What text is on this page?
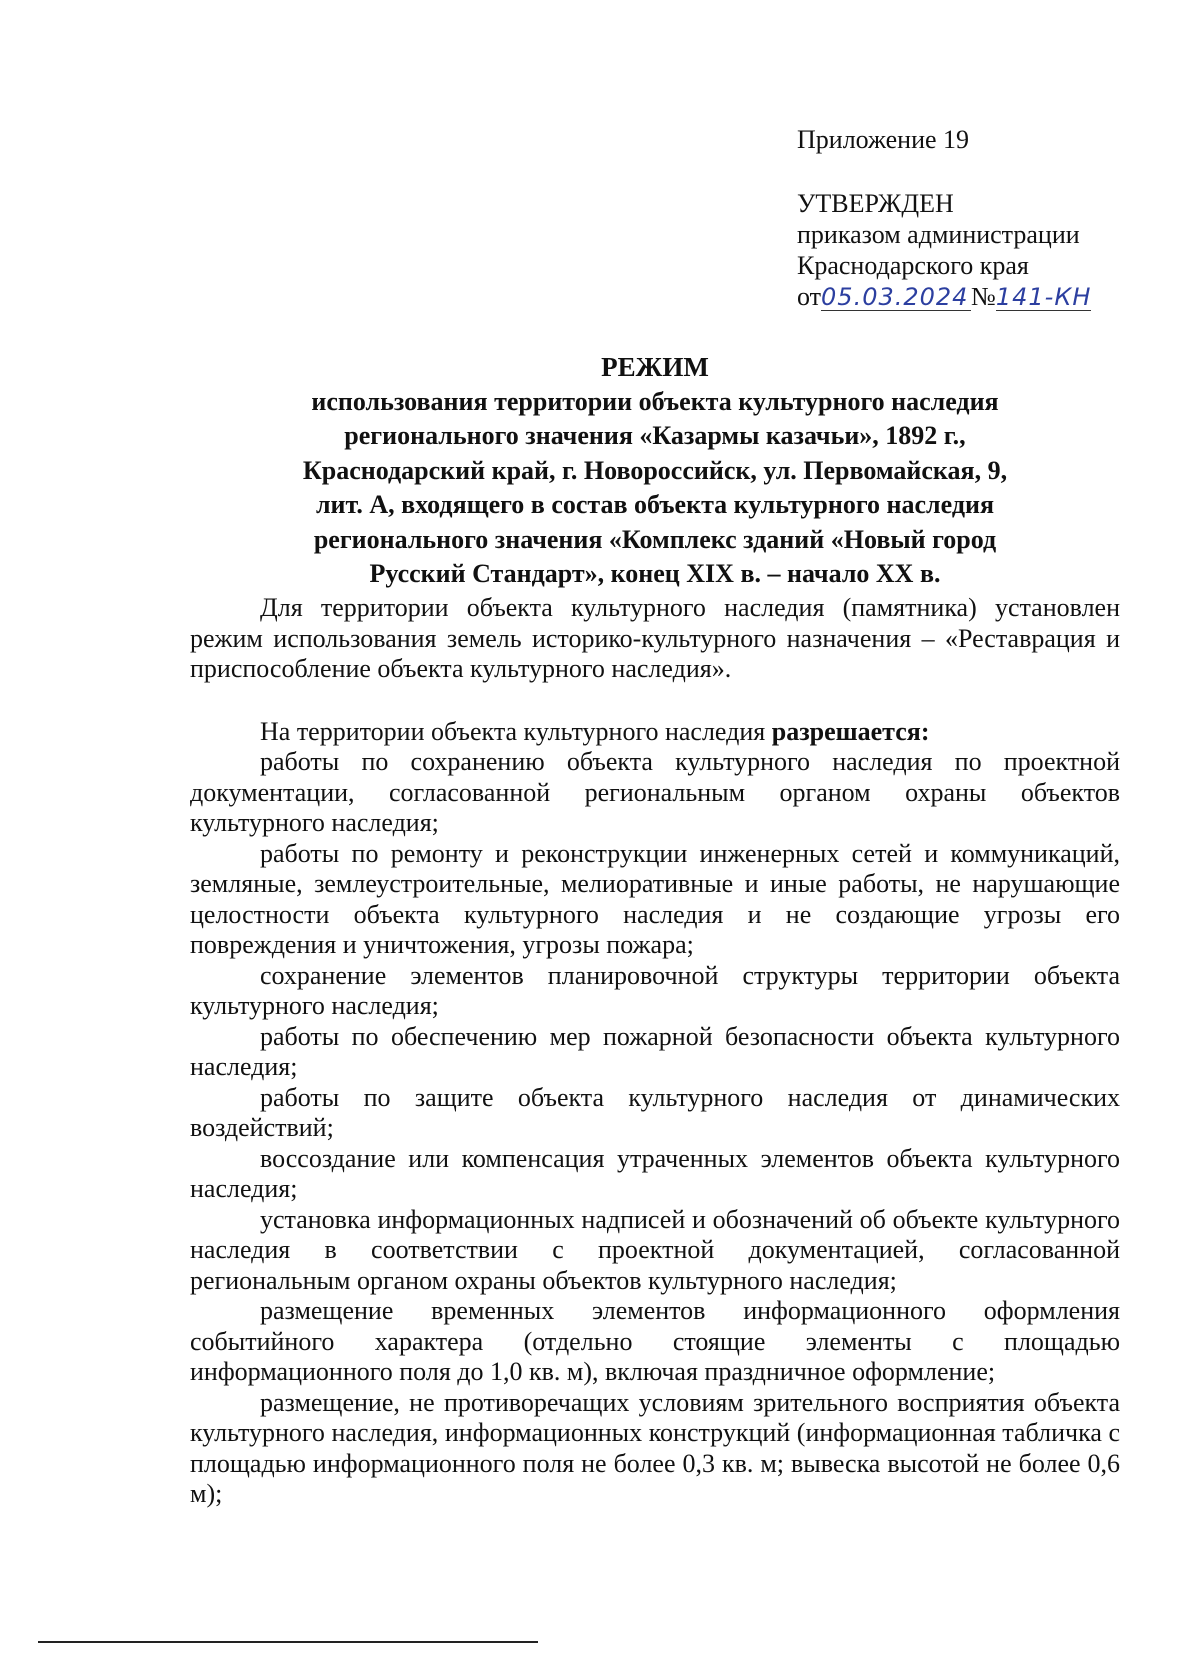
Приложение 19
УТВЕРЖДЕН
приказом администрации
Краснодарского края
от05.03.2024№141-КН
РЕЖИМ
использования территории объекта культурного наследия
регионального значения «Казармы казачьи», 1892 г.,
Краснодарский край, г. Новороссийск, ул. Первомайская, 9,
лит. А, входящего в состав объекта культурного наследия
регионального значения «Комплекс зданий «Новый город
Русский Стандарт», конец XIX в. – начало XX в.

Для территории объекта культурного наследия (памятника) установлен режим использования земель историко-культурного назначения – «Реставрация и приспособление объекта культурного наследия».

На территории объекта культурного наследия разрешается:

работы по сохранению объекта культурного наследия по проектной документации, согласованной региональным органом охраны объектов культурного наследия;

работы по ремонту и реконструкции инженерных сетей и коммуникаций, земляные, землеустроительные, мелиоративные и иные работы, не нарушающие целостности объекта культурного наследия и не создающие угрозы его повреждения и уничтожения, угрозы пожара;

сохранение элементов планировочной структуры территории объекта культурного наследия;

работы по обеспечению мер пожарной безопасности объекта культурного наследия;

работы по защите объекта культурного наследия от динамических воздействий;

воссоздание или компенсация утраченных элементов объекта культурного наследия;

установка информационных надписей и обозначений об объекте культурного наследия в соответствии с проектной документацией, согласованной региональным органом охраны объектов культурного наследия;

размещение временных элементов информационного оформления событийного характера (отдельно стоящие элементы с площадью информационного поля до 1,0 кв. м), включая праздничное оформление;

размещение, не противоречащих условиям зрительного восприятия объекта культурного наследия, информационных конструкций (информационная табличка с площадью информационного поля не более 0,3 кв. м; вывеска высотой не более 0,6 м);
